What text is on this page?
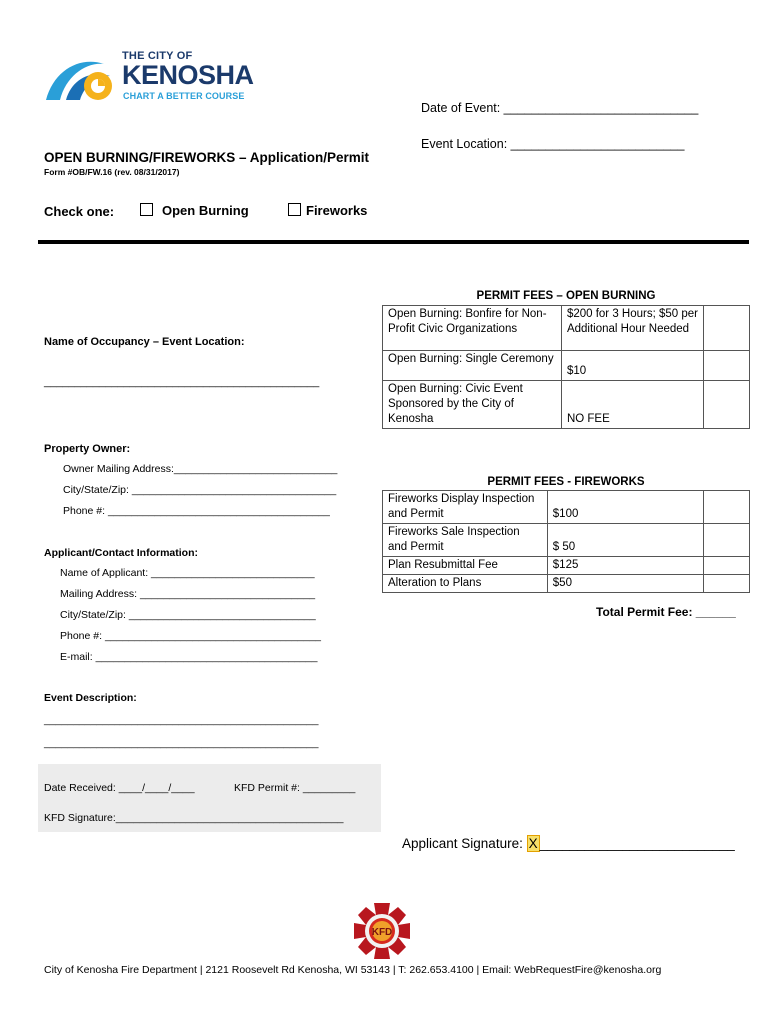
THE CITY OF
KENOSHA
CHART A BETTER COURSE
Date of Event: ____________________________
Event Location: _________________________
OPEN BURNING/FIREWORKS – Application/Permit
Form #OB/FW.16 (rev. 08/31/2017)
Check one:	Open Burning	Fireworks
Name of Occupancy – Event Location:
_____________________________________________
Property Owner:
Owner Mailing Address:____________________________
City/State/Zip: ___________________________________
Phone #: ______________________________________
Applicant/Contact Information:
Name of Applicant: ____________________________
Mailing Address: ______________________________
City/State/Zip: ________________________________
Phone #: _____________________________________
E-mail: ______________________________________
Event Description:
_______________________________________________
_______________________________________________
Date Received: ____/____/____	KFD Permit #: _________
KFD Signature:_______________________________________
PERMIT FEES – OPEN BURNING
Open Burning: Bonfire for Non-Profit Civic Organizations	$200 for 3 Hours; $50 per Additional Hour Needed	
Open Burning: Single Ceremony	$10	
Open Burning: Civic Event Sponsored by the City of Kenosha	NO FEE	
PERMIT FEES - FIREWORKS
Fireworks Display Inspection and Permit	$100	
Fireworks Sale Inspection and Permit	$ 50	
Plan Resubmittal Fee	$125	
Alteration to Plans	$50	
Total Permit Fee: ______
Applicant Signature: X __________________________
KFD
City of Kenosha Fire Department | 2121 Roosevelt Rd Kenosha, WI 53143 | T: 262.653.4100 | Email: WebRequestFire@kenosha.org
